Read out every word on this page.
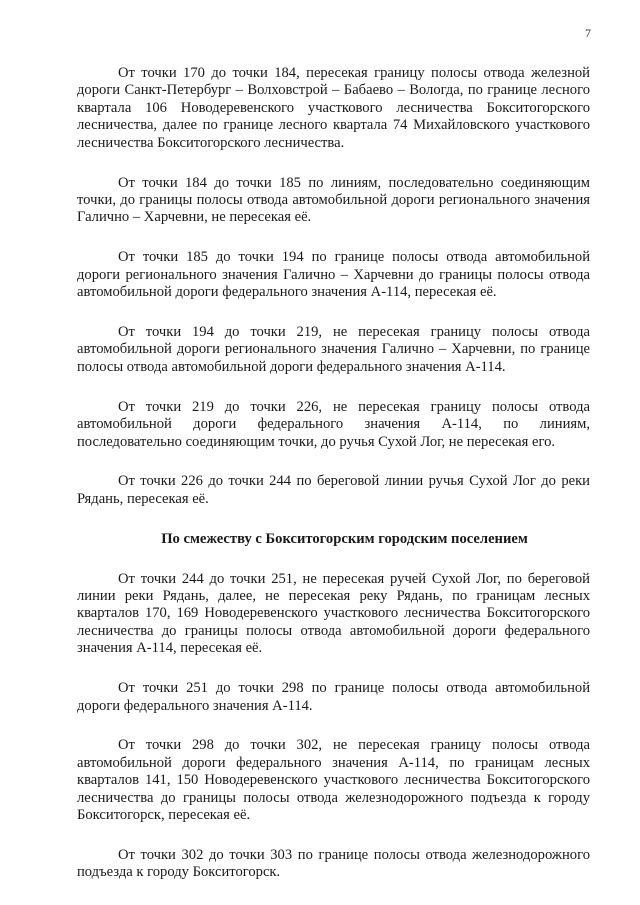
7

От точки 170 до точки 184, пересекая границу полосы отвода железной дороги Санкт-Петербург – Волховстрой – Бабаево – Вологда, по границе лесного квартала 106 Новодеревенского участкового лесничества Бокситогорского лесничества, далее по границе лесного квартала 74 Михайловского участкового лесничества Бокситогорского лесничества.

От точки 184 до точки 185 по линиям, последовательно соединяющим точки, до границы полосы отвода автомобильной дороги регионального значения Галично – Харчевни, не пересекая её.

От точки 185 до точки 194 по границе полосы отвода автомобильной дороги регионального значения Галично – Харчевни до границы полосы отвода автомобильной дороги федерального значения А-114, пересекая её.

От точки 194 до точки 219, не пересекая границу полосы отвода автомобильной дороги регионального значения Галично – Харчевни, по границе полосы отвода автомобильной дороги федерального значения А-114.

От точки 219 до точки 226, не пересекая границу полосы отвода автомобильной дороги федерального значения А-114, по линиям, последовательно соединяющим точки, до ручья Сухой Лог, не пересекая его.

От точки 226 до точки 244 по береговой линии ручья Сухой Лог до реки Рядань, пересекая её.

По смежеству с Бокситогорским городским поселением

От точки 244 до точки 251, не пересекая ручей Сухой Лог, по береговой линии реки Рядань, далее, не пересекая реку Рядань, по границам лесных кварталов 170, 169 Новодеревенского участкового лесничества Бокситогорского лесничества до границы полосы отвода автомобильной дороги федерального значения А-114, пересекая её.

От точки 251 до точки 298 по границе полосы отвода автомобильной дороги федерального значения А-114.

От точки 298 до точки 302, не пересекая границу полосы отвода автомобильной дороги федерального значения А-114, по границам лесных кварталов 141, 150 Новодеревенского участкового лесничества Бокситогорского лесничества до границы полосы отвода железнодорожного подъезда к городу Бокситогорск, пересекая её.

От точки 302 до точки 303 по границе полосы отвода железнодорожного подъезда к городу Бокситогорск.
